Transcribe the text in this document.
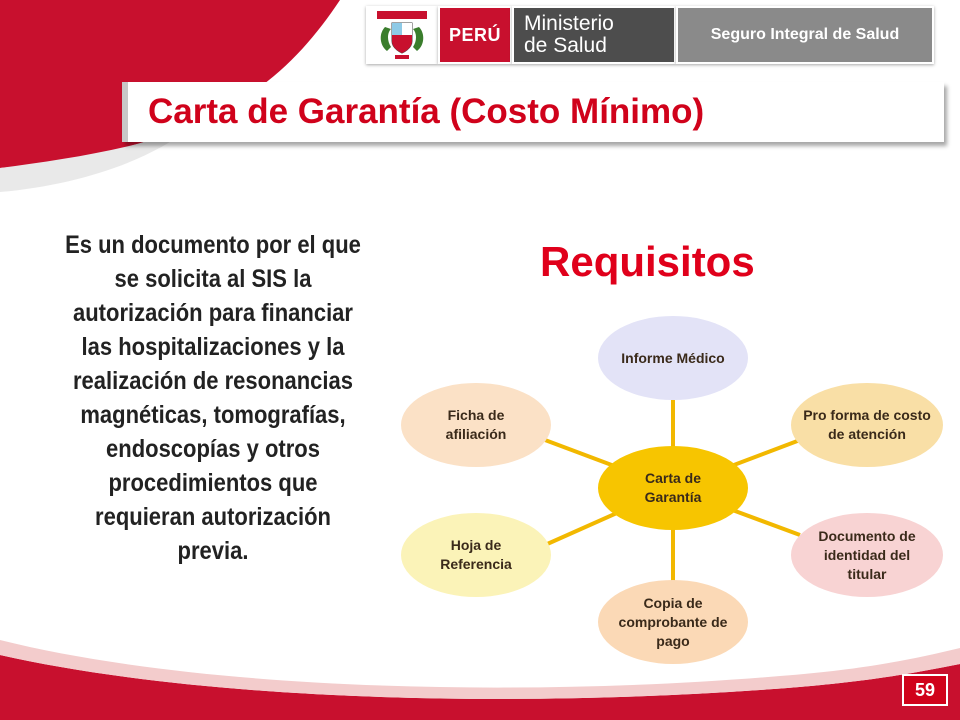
PERÚ	Ministerio
de Salud	Seguro Integral de Salud
Carta de Garantía (Costo Mínimo)
Es un documento por el que se solicita al SIS la autorización para financiar las hospitalizaciones y la realización de resonancias magnéticas, tomografías, endoscopías y otros procedimientos que requieran autorización previa.
Requisitos
Informe Médico
Pro forma de costo de atención
Documento de identidad del titular
Copia de comprobante de pago
Hoja de Referencia
Ficha de afiliación
Carta de Garantía
59
